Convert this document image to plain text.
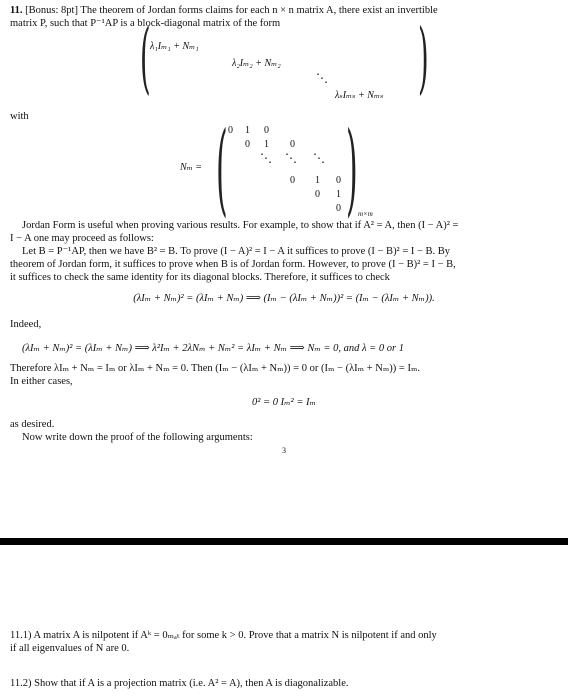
11. [Bonus: 8pt] The theorem of Jordan forms claims for each n × n matrix A, there exist an invertible
matrix P, such that P⁻¹AP is a block-diagonal matrix of the form
(	)
λ₁Iₘ₁ + Nₘ₁
λ₂Iₘ₂ + Nₘ₂
⋱
λₛIₘₛ + Nₘₛ
with
Nₘ = ( )
0 1 0
0 1 0
⋱ ⋱ ⋱
0 1 0
0 1
0 m×m
Jordan Form is useful when proving various results. For example, to show that if A² = A, then (I − A)² =
I − A one may proceed as follows:
Let B = P⁻¹AP, then we have B² = B. To prove (I − A)² = I − A it suffices to prove (I − B)² = I − B. By
theorem of Jordan form, it suffices to prove when B is of Jordan form. However, to prove (I − B)² = I − B,
it suffices to check the same identity for its diagonal blocks. Therefore, it suffices to check
(λIₘ + Nₘ)² = (λIₘ + Nₘ) ⟹ (Iₘ − (λIₘ + Nₘ))² = (Iₘ − (λIₘ + Nₘ)).
Indeed,
(λIₘ + Nₘ)² = (λIₘ + Nₘ) ⟹ λ²Iₘ + 2λNₘ + Nₘ² = λIₘ + Nₘ ⟹ Nₘ = 0, and λ = 0 or 1
Therefore λIₘ + Nₘ = Iₘ or λIₘ + Nₘ = 0. Then (Iₘ − (λIₘ + Nₘ)) = 0 or (Iₘ − (λIₘ + Nₘ)) = Iₘ.
In either cases,
0² = 0 Iₘ² = Iₘ
as desired.
Now write down the proof of the following arguments:
3
11.1) A matrix A is nilpotent if Aᵏ = 0ₘₐₜ for some k > 0. Prove that a matrix N is nilpotent if and only
if all eigenvalues of N are 0.
11.2) Show that if A is a projection matrix (i.e. A² = A), then A is diagonalizable.
